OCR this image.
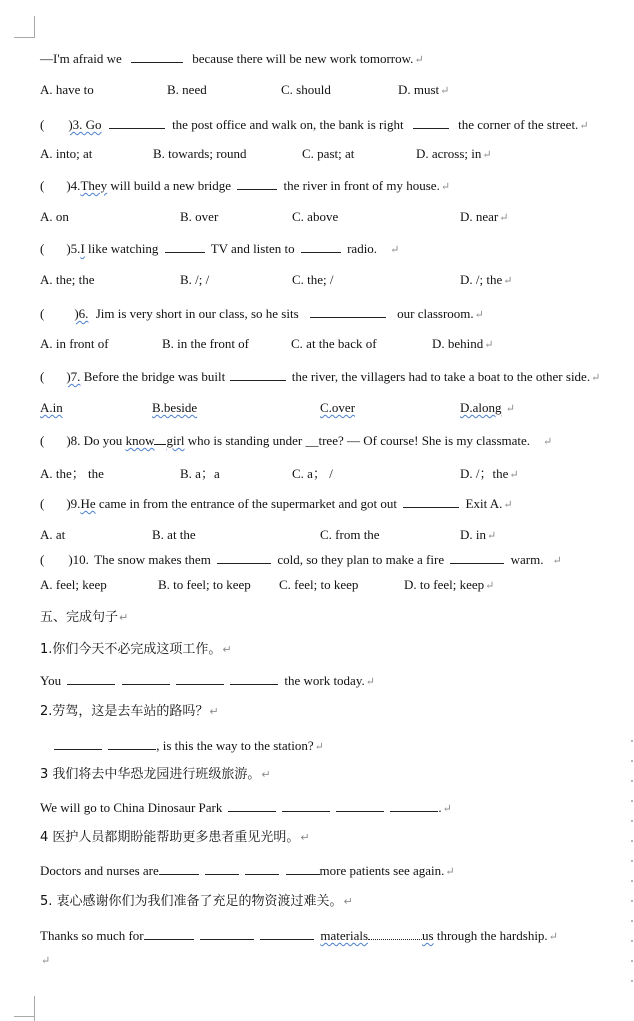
—I'm afraid we	because there will be new work tomorrow.↵
A. have to	B. need	C. should	D. must↵
( )3. Go	the post office and walk on, the bank is right	the corner of the street.↵
A. into; at	B. towards; round	C. past; at	D. across; in↵
( )4.They will build a new bridge	the river in front of my house.↵
A. on	B. over	C. above	D. near↵
( )5.I like watching	TV and listen to	radio. ↵
A. the; the	B. /; /	C. the; /	D. /; the↵
( )6. Jim is very short in our class, so he sits	our classroom.↵
A. in front of	B. in the front of	C. at the back of	D. behind↵
( )7. Before the bridge was built	the river, the villagers had to take a boat to the other side.↵
A.in	B.beside	C.over	D.along ↵
( )8. Do you know girl who is standing under __tree? — Of course! She is my classmate. ↵
A. the； the	B. a；a	C. a； /	D. /；the↵
( )9.He came in from the entrance of the supermarket and got out	Exit A.↵
A. at	B. at the	C. from the	D. in↵
( )10. The snow makes them	cold, so they plan to make a fire	warm. ↵
A. feel; keep	B. to feel; to keep C. feel; to keep	D. to feel; keep↵
五、完成句子↵
1.你们今天不必完成这项工作。↵
You	the work today.↵
2.劳驾，这是去车站的路吗？↵
, is this the way to the station?↵
3 我们将去中华恐龙园进行班级旅游。↵
We will go to China Dinosaur Park	.↵
4 医护人员都期盼能帮助更多患者重见光明。↵
Doctors and nurses are	more patients see again.↵
5. 衷心感谢你们为我们准备了充足的物资渡过难关。↵
Thanks so much for	materials	us through the hardship.↵
↵
